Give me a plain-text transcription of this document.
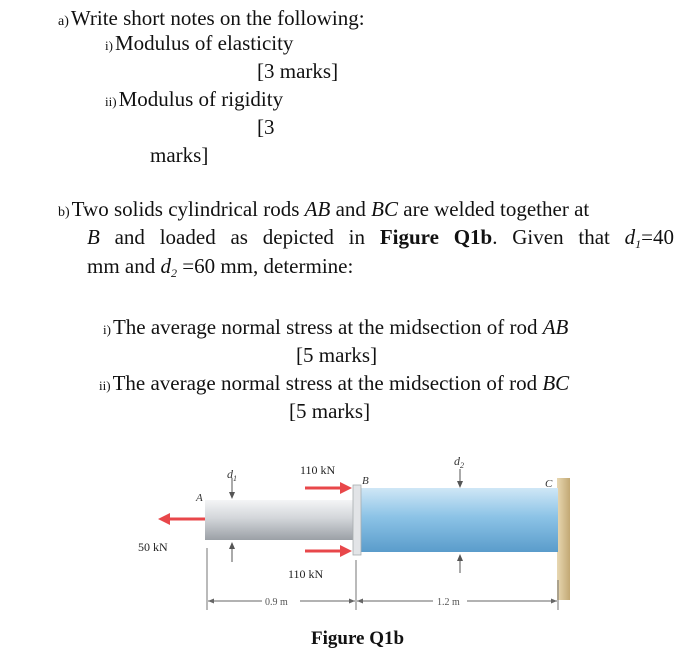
a)Write short notes on the following:
i)Modulus of elasticity
[3 marks]
ii)Modulus of rigidity
[3
marks]
b)Two solids cylindrical rods AB and BC are welded together at
B and loaded as depicted in Figure Q1b. Given that $d_1=40$
mm and $d_2 =60$ mm, determine:
i)The average normal stress at the midsection of rod AB
[5 marks]
ii)The average normal stress at the midsection of rod BC
[5 marks]
$d_1$
$d_2$
A
B	C
50 kN
110 kN
110 kN
0.9 m	1.2 m
Figure Q1b
